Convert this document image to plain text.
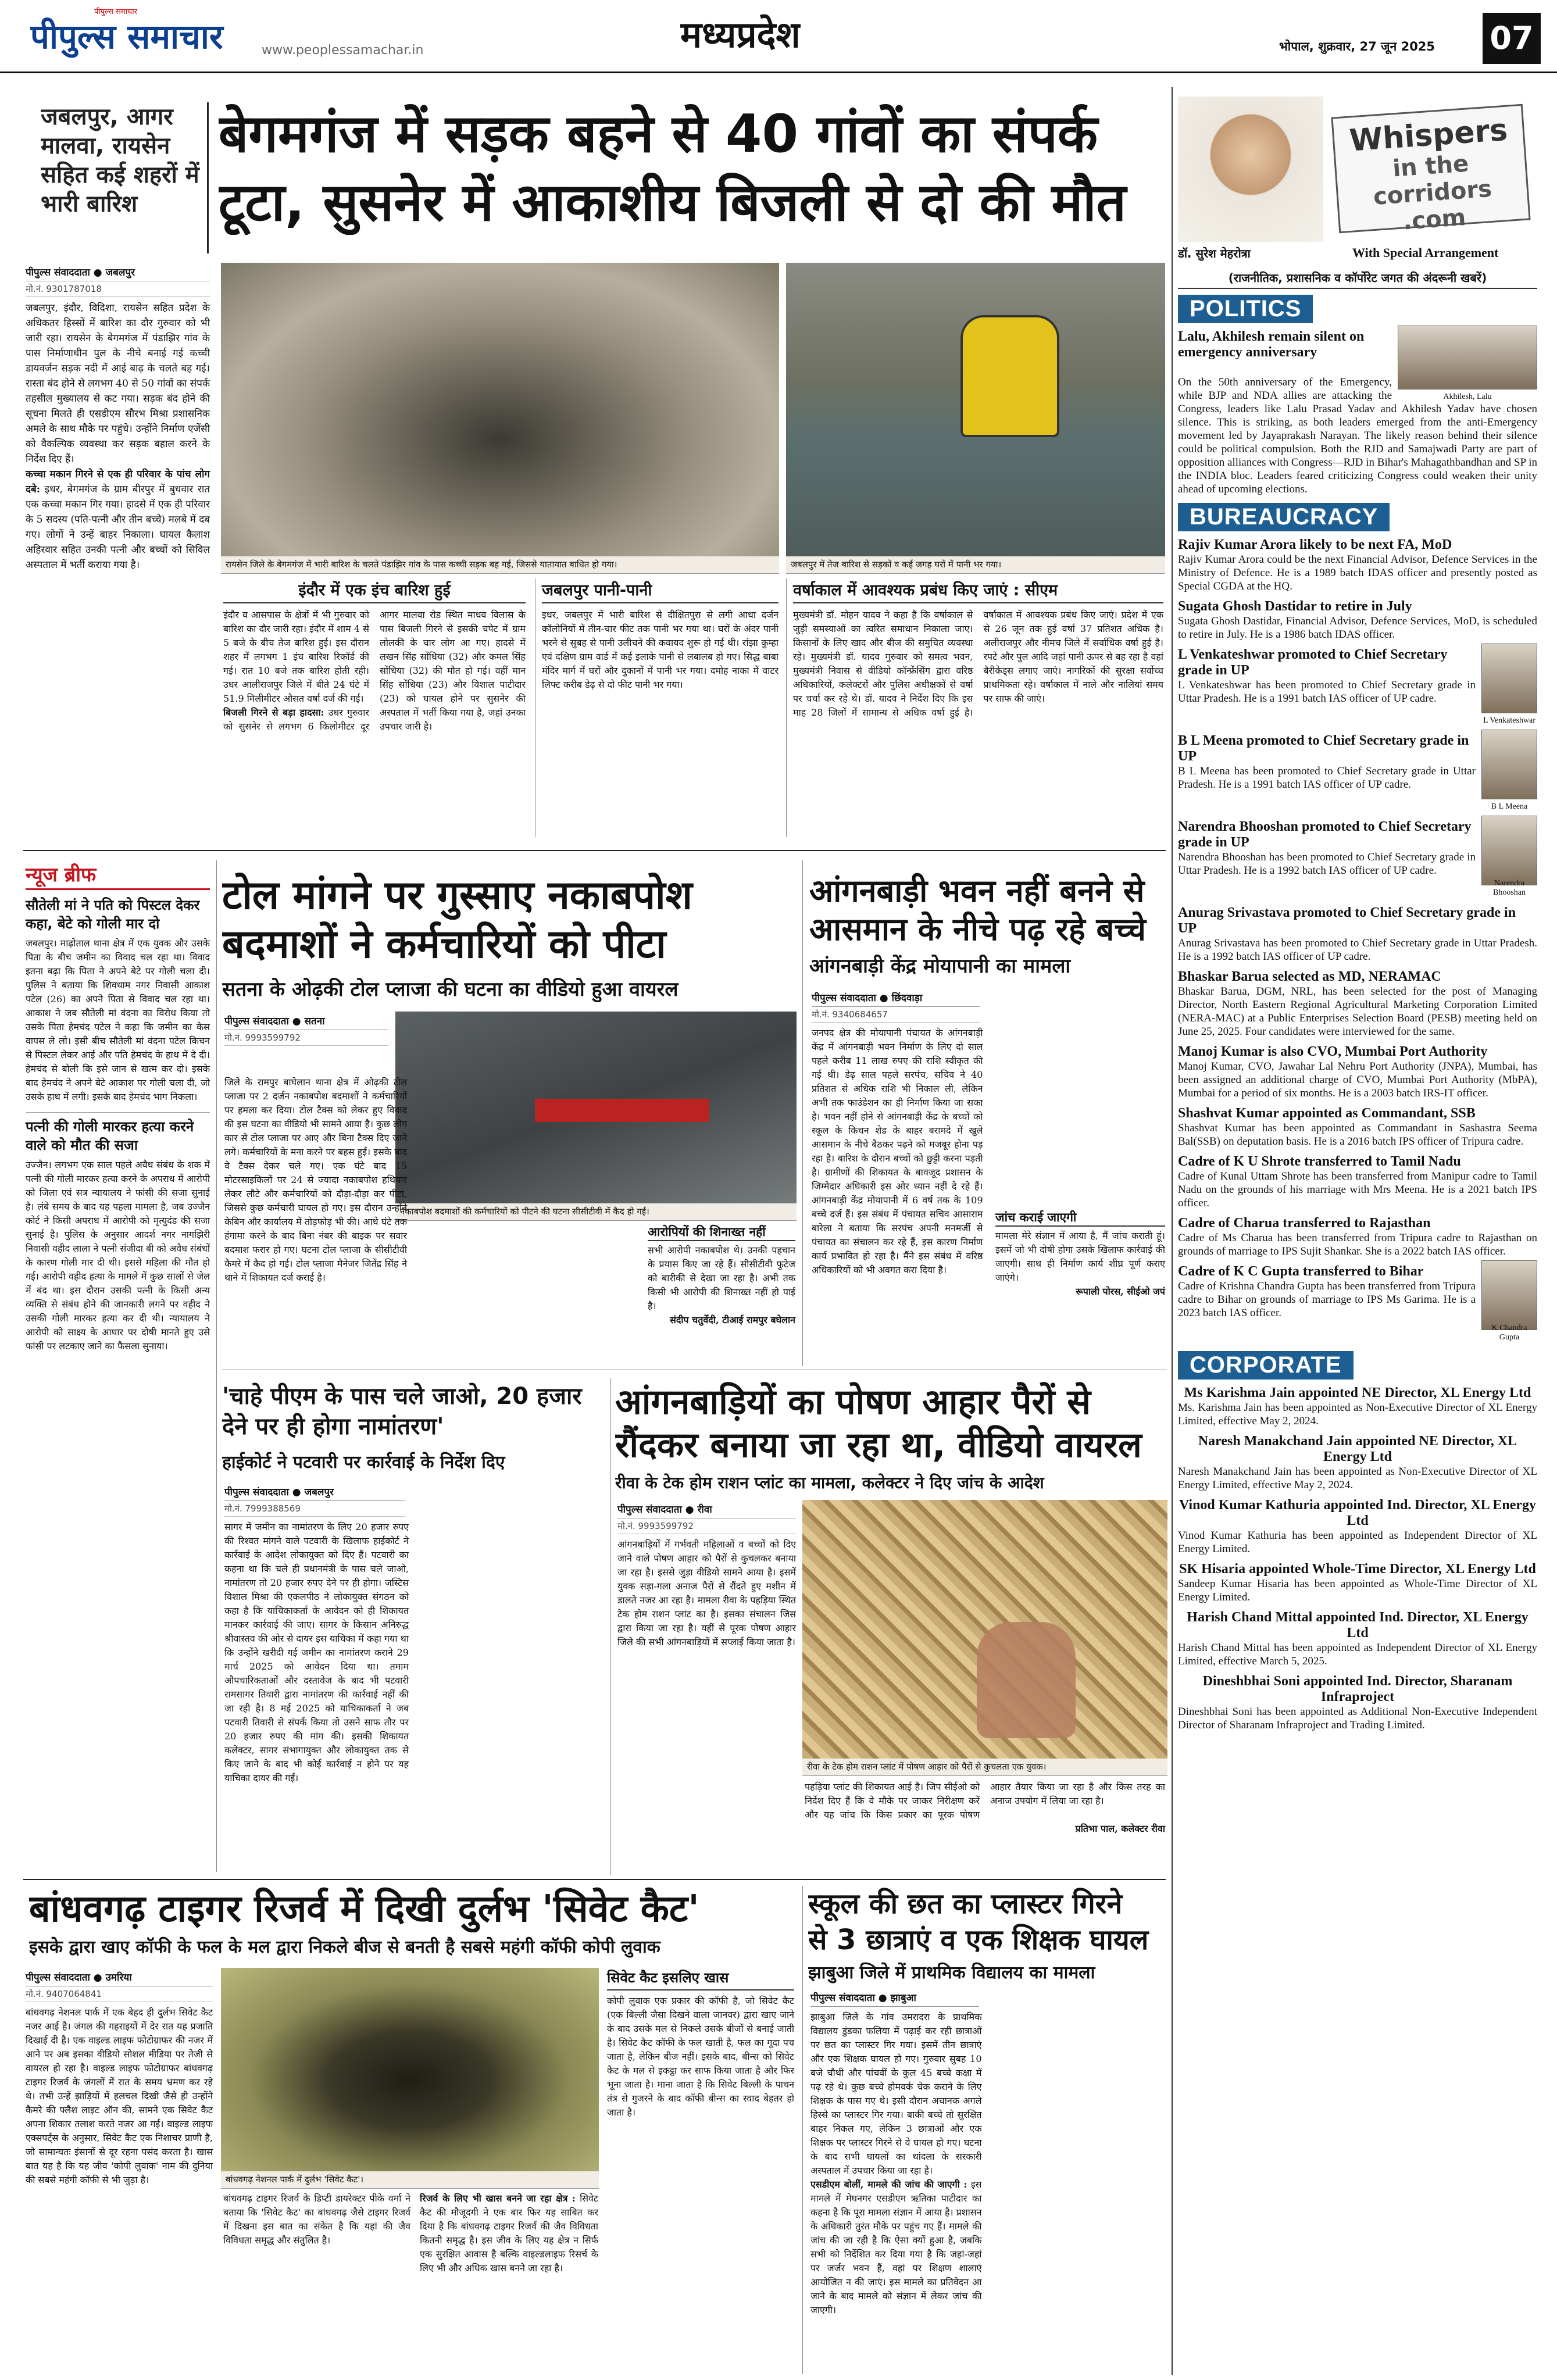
पीपुल्स समाचार
पीपुल्स समाचार	www.peoplessamachar.in	मध्यप्रदेश	भोपाल, शुक्रवार, 27 जून 2025 07
जबलपुर, आगर मालवा, रायसेन सहित कई शहरों में भारी बारिश
बेगमगंज में सड़क बहने से 40 गांवों का संपर्क
टूटा, सुसनेर में आकाशीय बिजली से दो की मौत
पीपुल्स संवाददाता ● जबलपुर
मो.नं. 9301787018

जबलपुर, इंदौर, विदिशा, रायसेन सहित प्रदेश के अधिकतर हिस्सों में बारिश का दौर गुरुवार को भी जारी रहा। रायसेन के बेगमगंज में पंडाझिर गांव के पास निर्माणाधीन पुल के नीचे बनाई गई कच्ची डायवर्जन सड़क नदी में आई बाढ़ के चलते बह गई। रास्ता बंद होने से लगभग 40 से 50 गांवों का संपर्क तहसील मुख्यालय से कट गया। सड़क बंद होने की सूचना मिलते ही एसडीएम सौरभ मिश्रा प्रशासनिक अमले के साथ मौके पर पहुंचे। उन्होंने निर्माण एजेंसी को वैकल्पिक व्यवस्था कर सड़क बहाल करने के निर्देश दिए हैं।

कच्चा मकान गिरने से एक ही परिवार के पांच लोग दबे: इधर, बेगमगंज के ग्राम बीरपुर में बुधवार रात एक कच्चा मकान गिर गया। हादसे में एक ही परिवार के 5 सदस्य (पति-पत्नी और तीन बच्चे) मलबे में दब गए। लोगों ने उन्हें बाहर निकाला। घायल कैलाश अहिरवार सहित उनकी पत्नी और बच्चों को सिविल अस्पताल में भर्ती कराया गया है।	रायसेन जिले के बेगमगंज में भारी बारिश के चलते पंडाझिर गांव के पास कच्ची सड़क बह गई, जिससे यातायात बाधित हो गया।	जबलपुर में तेज बारिश से सड़कों व कई जगह घरों में पानी भर गया।
इंदौर में एक इंच बारिश हुई

इंदौर व आसपास के क्षेत्रों में भी गुरुवार को बारिश का दौर जारी रहा। इंदौर में शाम 4 से 5 बजे के बीच तेज बारिश हुई। इस दौरान शहर में लगभग 1 इंच बारिश रिकॉर्ड की गई। रात 10 बजे तक बारिश होती रही। उधर आलीराजपुर जिले में बीते 24 घंटे में 51.9 मिलीमीटर औसत वर्षा दर्ज की गई।

बिजली गिरने से बड़ा हादसा: उधर गुरुवार को सुसनेर से लगभग 6 किलोमीटर दूर आगर मालवा रोड स्थित माधव विलास के पास बिजली गिरने से इसकी चपेट में ग्राम लोलकी के चार लोग आ गए। हादसे में लखन सिंह सोंधिया (32) और कमल सिंह सोंधिया (32) की मौत हो गई। वहीं मान सिंह सोंधिया (23) और विशाल पाटीदार (23) को घायल होने पर सुसनेर की अस्पताल में भर्ती किया गया है, जहां उनका उपचार जारी है।

जबलपुर पानी-पानी

इधर, जबलपुर में भारी बारिश से दीक्षितपुरा से लगी आधा दर्जन कॉलोनियों में तीन-चार फीट तक पानी भर गया था। घरों के अंदर पानी भरने से सुबह से पानी उलीचने की कवायद शुरू हो गई थी। रांझा कुम्हा एवं दक्षिण ग्राम वार्ड में कई इलाके पानी से लबालब हो गए। सिद्ध बाबा मंदिर मार्ग में घरों और दुकानों में पानी भर गया। दमोह नाका में वाटर लिफ्ट करीब डेढ़ से दो फीट पानी भर गया।

वर्षाकाल में आवश्यक प्रबंध किए जाएं : सीएम

मुख्यमंत्री डॉ. मोहन यादव ने कहा है कि वर्षाकाल से जुड़ी समस्याओं का त्वरित समाधान निकाला जाए। किसानों के लिए खाद और बीज की समुचित व्यवस्था रहे। मुख्यमंत्री डॉ. यादव गुरुवार को समत्व भवन, मुख्यमंत्री निवास से वीडियो कॉन्फ्रेंसिंग द्वारा वरिष्ठ अधिकारियों, कलेक्टरों और पुलिस अधीक्षकों से वर्षा पर चर्चा कर रहे थे। डॉ. यादव ने निर्देश दिए कि इस माह 28 जिलों में सामान्य से अधिक वर्षा हुई है। वर्षाकाल में आवश्यक प्रबंध किए जाएं। प्रदेश में एक से 26 जून तक हुई वर्षा 37 प्रतिशत अधिक है। अलीराजपुर और नीमच जिले में सर्वाधिक वर्षा हुई है। रपटे और पुल आदि जहां पानी ऊपर से बह रहा है वहां बैरीकेड्स लगाए जाएं। नागरिकों की सुरक्षा सर्वोच्च प्राथमिकता रहे। वर्षाकाल में नाले और नालियां समय पर साफ की जाएं।

न्यूज ब्रीफ
सौतेली मां ने पति को पिस्टल देकर कहा, बेटे को गोली मार दो

जबलपुर। माढ़ोताल थाना क्षेत्र में एक युवक और उसके पिता के बीच जमीन का विवाद चल रहा था। विवाद इतना बढ़ा कि पिता ने अपने बेटे पर गोली चला दी। पुलिस ने बताया कि शिवधाम नगर निवासी आकाश पटेल (26) का अपने पिता से विवाद चल रहा था। आकाश ने जब सौतेली मां वंदना का विरोध किया तो उसके पिता हेमचंद पटेल ने कहा कि जमीन का केस वापस ले लो। इसी बीच सौतेली मां वंदना पटेल किचन से पिस्टल लेकर आई और पति हेमचंद के हाथ में दे दी। हेमचंद से बोली कि इसे जान से खत्म कर दो। इसके बाद हेमचंद ने अपने बेटे आकाश पर गोली चला दी, जो उसके हाथ में लगी। इसके बाद हेमचंद भाग निकला।

पत्नी की गोली मारकर हत्या करने वाले को मौत की सजा

उज्जैन। लगभग एक साल पहले अवैध संबंध के शक में पत्नी की गोली मारकर हत्या करने के अपराध में आरोपी को जिला एवं सत्र न्यायालय ने फांसी की सजा सुनाई है। लंबे समय के बाद यह पहला मामला है, जब उज्जैन कोर्ट ने किसी अपराध में आरोपी को मृत्युदंड की सजा सुनाई है। पुलिस के अनुसार आदर्श नगर नागझिरी निवासी वहीद लाला ने पत्नी संजीदा बी को अवैध संबंधों के कारण गोली मार दी थी। इससे महिला की मौत हो गई। आरोपी वहीद हत्या के मामले में कुछ सालों से जेल में बंद था। इस दौरान उसकी पत्नी के किसी अन्य व्यक्ति से संबंध होने की जानकारी लगने पर वहीद ने उसकी गोली मारकर हत्या कर दी थी। न्यायालय ने आरोपी को साक्ष्य के आधार पर दोषी मानते हुए उसे फांसी पर लटकाए जाने का फैसला सुनाया।

टोल मांगने पर गुस्साए नकाबपोश
बदमाशों ने कर्मचारियों को पीटा
सतना के ओढ़की टोल प्लाजा की घटना का वीडियो हुआ वायरल
पीपुल्स संवाददाता ● सतना
मो.नं. 9993599792
नकाबपोश बदमाशों की कर्मचारियों को पीटने की घटना सीसीटीवी में कैद हो गई।

जिले के रामपुर बाघेलान थाना क्षेत्र में ओढ़की टोल प्लाजा पर 2 दर्जन नकाबपोश बदमाशों ने कर्मचारियों पर हमला कर दिया। टोल टैक्स को लेकर हुए विवाद की इस घटना का वीडियो भी सामने आया है। कुछ लोग कार से टोल प्लाजा पर आए और बिना टैक्स दिए जाने लगे। कर्मचारियों के मना करने पर बहस हुई। इसके बाद वे टैक्स देकर चले गए। एक घंटे बाद 15 मोटरसाइकिलों पर 24 से ज्यादा नकाबपोश हथियार लेकर लौटे और कर्मचारियों को दौड़ा-दौड़ा कर पीटा, जिससे कुछ कर्मचारी घायल हो गए। इस दौरान उन्होंने केबिन और कार्यालय में तोड़फोड़ भी की। आधे घंटे तक हंगामा करने के बाद बिना नंबर की बाइक पर सवार बदमाश फरार हो गए। घटना टोल प्लाजा के सीसीटीवी कैमरे में कैद हो गई। टोल प्लाजा मैनेजर जितेंद्र सिंह ने थाने में शिकायत दर्ज कराई है।

आरोपियों की शिनाख्त नहीं

सभी आरोपी नकाबपोश थे। उनकी पहचान के प्रयास किए जा रहे हैं। सीसीटीवी फुटेज को बारीकी से देखा जा रहा है। अभी तक किसी भी आरोपी की शिनाख्त नहीं हो पाई है।

संदीप चतुर्वेदी, टीआई रामपुर बघेलान

आंगनबाड़ी भवन नहीं बनने से
आसमान के नीचे पढ़ रहे बच्चे
आंगनबाड़ी केंद्र मोयापानी का मामला
पीपुल्स संवाददाता ● छिंदवाड़ा
मो.नं. 9340684657

जनपद क्षेत्र की मोयापानी पंचायत के आंगनबाड़ी केंद्र में आंगनबाड़ी भवन निर्माण के लिए दो साल पहले करीब 11 लाख रुपए की राशि स्वीकृत की गई थी। डेढ़ साल पहले सरपंच, सचिव ने 40 प्रतिशत से अधिक राशि भी निकाल ली, लेकिन अभी तक फाउंडेशन का ही निर्माण किया जा सका है। भवन नहीं होने से आंगनबाड़ी केंद्र के बच्चों को स्कूल के किचन शेड के बाहर बरामदे में खुले आसमान के नीचे बैठकर पढ़ने को मजबूर होना पड़ रहा है। बारिश के दौरान बच्चों को छुट्टी करना पड़ती है। ग्रामीणों की शिकायत के बावजूद प्रशासन के जिम्मेदार अधिकारी इस ओर ध्यान नहीं दे रहे हैं। आंगनबाड़ी केंद्र मोयापानी में 6 वर्ष तक के 109 बच्चे दर्ज हैं। इस संबंध में पंचायत सचिव आसाराम बारेला ने बताया कि सरपंच अपनी मनमर्जी से पंचायत का संचालन कर रहे हैं, इस कारण निर्माण कार्य प्रभावित हो रहा है। मैंने इस संबंध में वरिष्ठ अधिकारियों को भी अवगत करा दिया है।

जांच कराई जाएगी

मामला मेरे संज्ञान में आया है, मैं जांच कराती हूं। इसमें जो भी दोषी होगा उसके खिलाफ कार्रवाई की जाएगी। साथ ही निर्माण कार्य शीघ्र पूर्ण कराए जाएंगे।

रूपाली पोरस, सीईओ जपं

'चाहे पीएम के पास चले जाओ, 20 हजार देने पर ही होगा नामांतरण'
हाईकोर्ट ने पटवारी पर कार्रवाई के निर्देश दिए
पीपुल्स संवाददाता ● जबलपुर
मो.नं. 7999388569

सागर में जमीन का नामांतरण के लिए 20 हजार रुपए की रिश्वत मांगने वाले पटवारी के खिलाफ हाईकोर्ट ने कार्रवाई के आदेश लोकायुक्त को दिए हैं। पटवारी का कहना था कि चले ही प्रधानमंत्री के पास चले जाओ, नामांतरण तो 20 हजार रुपए देने पर ही होगा। जस्टिस विशाल मिश्रा की एकलपीठ ने लोकायुक्त संगठन को कहा है कि याचिकाकर्ता के आवेदन को ही शिकायत मानकर कार्रवाई की जाए। सागर के किसान अनिरुद्ध श्रीवास्तव की ओर से दायर इस याचिका में कहा गया था कि उन्होंने खरीदी गई जमीन का नामांतरण कराने 29 मार्च 2025 को आवेदन दिया था। तमाम औपचारिकताओं और दस्तावेज के बाद भी पटवारी रामसागर तिवारी द्वारा नामांतरण की कार्रवाई नहीं की जा रही है। 8 मई 2025 को याचिकाकर्ता ने जब पटवारी तिवारी से संपर्क किया तो उसने साफ तौर पर 20 हजार रुपए की मांग की। इसकी शिकायत कलेक्टर, सागर संभागायुक्त और लोकायुक्त तक से किए जाने के बाद भी कोई कार्रवाई न होने पर यह याचिका दायर की गई।

आंगनबाड़ियों का पोषण आहार पैरों से
रौंदकर बनाया जा रहा था, वीडियो वायरल
रीवा के टेक होम राशन प्लांट का मामला, कलेक्टर ने दिए जांच के आदेश
पीपुल्स संवाददाता ● रीवा
मो.नं. 9993599792

आंगनबाड़ियों में गर्भवती महिलाओं व बच्चों को दिए जाने वाले पोषण आहार को पैरों से कुचलकर बनाया जा रहा है। इससे जुड़ा वीडियो सामने आया है। इसमें युवक सड़ा-गला अनाज पैरों से रौंदते हुए मशीन में डालते नजर आ रहा है। मामला रीवा के पहड़िया स्थित टेक होम राशन प्लांट का है। इसका संचालन जिस द्वारा किया जा रहा है। यहीं से पूरक पोषण आहार जिले की सभी आंगनबाड़ियों में सप्लाई किया जाता है।

रीवा के टेक होम राशन प्लांट में पोषण आहार को पैरों से कुचलता एक युवक।

पहड़िया प्लांट की शिकायत आई है। जिप सीईओ को निर्देश दिए हैं कि वे मौके पर जाकर निरीक्षण करें और यह जांच कि किस प्रकार का पूरक पोषण आहार तैयार किया जा रहा है और किस तरह का अनाज उपयोग में लिया जा रहा है।

प्रतिभा पाल, कलेक्टर रीवा

बांधवगढ़ टाइगर रिजर्व में दिखी दुर्लभ 'सिवेट कैट'
इसके द्वारा खाए कॉफी के फल के मल द्वारा निकले बीज से बनती है सबसे महंगी कॉफी कोपी लुवाक
पीपुल्स संवाददाता ● उमरिया
मो.नं. 9407064841

बांधवगढ़ नेशनल पार्क में एक बेहद ही दुर्लभ सिवेट कैट नजर आई है। जंगल की गहराइयों में देर रात यह प्रजाति दिखाई दी है। एक वाइल्ड लाइफ फोटोग्राफर की नजर में आने पर अब इसका वीडियो सोशल मीडिया पर तेजी से वायरल हो रहा है। वाइल्ड लाइफ फोटोग्राफर बांधवगढ़ टाइगर रिजर्व के जंगलों में रात के समय भ्रमण कर रहे थे। तभी उन्हें झाड़ियों में हलचल दिखी जैसे ही उन्होंने कैमरे की फ्लैश लाइट ऑन की, सामने एक सिवेट कैट अपना शिकार तलाश करते नजर आ गई। वाइल्ड लाइफ एक्सपर्ट्स के अनुसार, सिवेट कैट एक निशाचर प्राणी है, जो सामान्यतः इंसानों से दूर रहना पसंद करता है। खास बात यह है कि यह जीव 'कोपी लुवाक' नाम की दुनिया की सबसे महंगी कॉफी से भी जुड़ा है।	बांधवगढ़ नेशनल पार्क में दुर्लभ 'सिवेट कैट'।

बांधवगढ़ टाइगर रिजर्व के डिप्टी डायरेक्टर पीके वर्मा ने बताया कि 'सिवेट कैट' का बांधवगढ़ जैसे टाइगर रिजर्व में दिखना इस बात का संकेत है कि यहां की जैव विविधता समृद्ध और संतुलित है।

रिजर्व के लिए भी खास बनने जा रहा क्षेत्र : सिवेट कैट की मौजूदगी ने एक बार फिर यह साबित कर दिया है कि बांधवगढ़ टाइगर रिजर्व की जैव विविधता कितनी समृद्ध है। इस जीव के लिए यह क्षेत्र न सिर्फ एक सुरक्षित आवास है बल्कि वाइल्डलाइफ रिसर्च के लिए भी और अधिक खास बनने जा रहा है।

सिवेट कैट इसलिए खास

कोपी लुवाक एक प्रकार की कॉफी है, जो सिवेट कैट (एक बिल्ली जैसा दिखने वाला जानवर) द्वारा खाए जाने के बाद उसके मल से निकले उसके बीजों से बनाई जाती है। सिवेट कैट कॉफी के फल खाती है, फल का गूदा पच जाता है, लेकिन बीज नहीं। इसके बाद, बीन्स को सिवेट कैट के मल से इकट्ठा कर साफ किया जाता है और फिर भूना जाता है। माना जाता है कि सिवेट बिल्ली के पाचन तंत्र से गुजरने के बाद कॉफी बीन्स का स्वाद बेहतर हो जाता है।

स्कूल की छत का प्लास्टर गिरने
से 3 छात्राएं व एक शिक्षक घायल
झाबुआ जिले में प्राथमिक विद्यालय का मामला
पीपुल्स संवाददाता ● झाबुआ

झाबुआ जिले के गांव उमरादरा के प्राथमिक विद्यालय डुंडका फलिया में पढ़ाई कर रही छात्राओं पर छत का प्लास्टर गिर गया। इसमें तीन छात्राएं और एक शिक्षक घायल हो गए। गुरुवार सुबह 10 बजे चौथी और पांचवीं के कुल 45 बच्चे कक्षा में पढ़ रहे थे। कुछ बच्चे होमवर्क चेक कराने के लिए शिक्षक के पास गए थे। इसी दौरान अचानक अगले हिस्से का प्लास्टर गिर गया। बाकी बच्चे तो सुरक्षित बाहर निकल गए, लेकिन 3 छात्राओं और एक शिक्षक पर प्लास्टर गिरने से वे घायल हो गए। घटना के बाद सभी घायलों का थांदला के सरकारी अस्पताल में उपचार किया जा रहा है।

एसडीएम बोलीं, मामले की जांच की जाएगी : इस मामले में मेघनगर एसडीएम ऋतिका पाटीदार का कहना है कि पूरा मामला संज्ञान में आया है। प्रशासन के अधिकारी तुरंत मौके पर पहुंच गए हैं। मामले की जांच की जा रही है कि ऐसा क्यों हुआ है, जबकि सभी को निर्देशित कर दिया गया है कि जहां-जहां पर जर्जर भवन हैं, वहां पर शिक्षण शालाएं आयोजित न की जाएं। इस मामले का प्रतिवेदन आ जाने के बाद मामले को संज्ञान में लेकर जांच की जाएगी।

Whispers
in the corridors
.com
डॉ. सुरेश मेहरोत्रा	With Special Arrangement
(राजनीतिक, प्रशासनिक व कॉर्पोरेट जगत की अंदरूनी खबरें)
POLITICS
Akhilesh, Lalu
Lalu, Akhilesh remain silent on emergency anniversary

On the 50th anniversary of the Emergency, while BJP and NDA allies are attacking the Congress, leaders like Lalu Prasad Yadav and Akhilesh Yadav have chosen silence. This is striking, as both leaders emerged from the anti-Emergency movement led by Jayaprakash Narayan. The likely reason behind their silence could be political compulsion. Both the RJD and Samajwadi Party are part of opposition alliances with Congress—RJD in Bihar's Mahagathbandhan and SP in the INDIA bloc. Leaders feared criticizing Congress could weaken their unity ahead of upcoming elections.

BUREAUCRACY
Rajiv Kumar Arora likely to be next FA, MoD

Rajiv Kumar Arora could be the next Financial Advisor, Defence Services in the Ministry of Defence. He is a 1989 batch IDAS officer and presently posted as Special CGDA at the HQ.

Sugata Ghosh Dastidar to retire in July

Sugata Ghosh Dastidar, Financial Advisor, Defence Services, MoD, is scheduled to retire in July. He is a 1986 batch IDAS officer.

L Venkateshwar
L Venkateshwar promoted to Chief Secretary grade in UP

L Venkateshwar has been promoted to Chief Secretary grade in Uttar Pradesh. He is a 1991 batch IAS officer of UP cadre.

B L Meena
B L Meena promoted to Chief Secretary grade in UP

B L Meena has been promoted to Chief Secretary grade in Uttar Pradesh. He is a 1991 batch IAS officer of UP cadre.

Narendra Bhooshan
Narendra Bhooshan promoted to Chief Secretary grade in UP

Narendra Bhooshan has been promoted to Chief Secretary grade in Uttar Pradesh. He is a 1992 batch IAS officer of UP cadre.

Anurag Srivastava promoted to Chief Secretary grade in UP

Anurag Srivastava has been promoted to Chief Secretary grade in Uttar Pradesh. He is a 1992 batch IAS officer of UP cadre.

Bhaskar Barua selected as MD, NERAMAC

Bhaskar Barua, DGM, NRL, has been selected for the post of Managing Director, North Eastern Regional Agricultural Marketing Corporation Limited (NERA-MAC) at a Public Enterprises Selection Board (PESB) meeting held on June 25, 2025. Four candidates were interviewed for the same.

Manoj Kumar is also CVO, Mumbai Port Authority

Manoj Kumar, CVO, Jawahar Lal Nehru Port Authority (JNPA), Mumbai, has been assigned an additional charge of CVO, Mumbai Port Authority (MbPA), Mumbai for a period of six months. He is a 2003 batch IRS-IT officer.

Shashvat Kumar appointed as Commandant, SSB

Shashvat Kumar has been appointed as Commandant in Sashastra Seema Bal(SSB) on deputation basis. He is a 2016 batch IPS officer of Tripura cadre.

Cadre of K U Shrote transferred to Tamil Nadu

Cadre of Kunal Uttam Shrote has been transferred from Manipur cadre to Tamil Nadu on the grounds of his marriage with Mrs Meena. He is a 2021 batch IPS officer.

Cadre of Charua transferred to Rajasthan

Cadre of Ms Charua has been transferred from Tripura cadre to Rajasthan on grounds of marriage to IPS Sujit Shankar. She is a 2022 batch IAS officer.

K Chandra Gupta
Cadre of K C Gupta transferred to Bihar

Cadre of Krishna Chandra Gupta has been transferred from Tripura cadre to Bihar on grounds of marriage to IPS Ms Garima. He is a 2023 batch IAS officer.

CORPORATE
Ms Karishma Jain appointed NE Director, XL Energy Ltd

Ms. Karishma Jain has been appointed as Non-Executive Director of XL Energy Limited, effective May 2, 2024.

Naresh Manakchand Jain appointed NE Director, XL Energy Ltd

Naresh Manakchand Jain has been appointed as Non-Executive Director of XL Energy Limited, effective May 2, 2024.

Vinod Kumar Kathuria appointed Ind. Director, XL Energy Ltd

Vinod Kumar Kathuria has been appointed as Independent Director of XL Energy Limited.

SK Hisaria appointed Whole-Time Director, XL Energy Ltd

Sandeep Kumar Hisaria has been appointed as Whole-Time Director of XL Energy Limited.

Harish Chand Mittal appointed Ind. Director, XL Energy Ltd

Harish Chand Mittal has been appointed as Independent Director of XL Energy Limited, effective March 5, 2025.

Dineshbhai Soni appointed Ind. Director, Sharanam Infraproject

Dineshbhai Soni has been appointed as Additional Non-Executive Independent Director of Sharanam Infraproject and Trading Limited.
